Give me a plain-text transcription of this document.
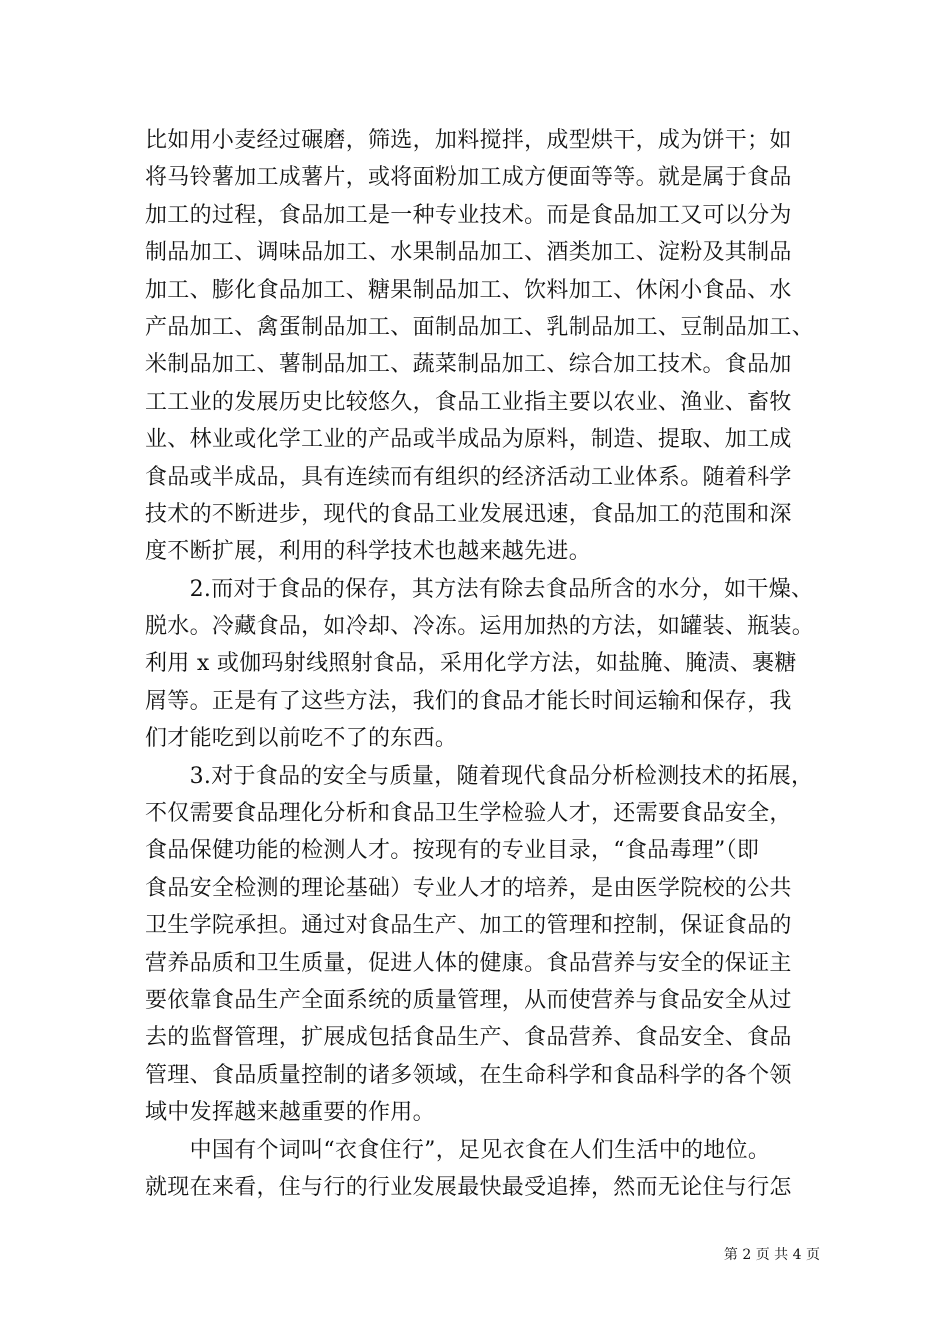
比如用小麦经过碾磨，筛选，加料搅拌，成型烘干，成为饼干；如
将马铃薯加工成薯片，或将面粉加工成方便面等等。就是属于食品
加工的过程，食品加工是一种专业技术。而是食品加工又可以分为
制品加工、调味品加工、水果制品加工、酒类加工、淀粉及其制品
加工、膨化食品加工、糖果制品加工、饮料加工、休闲小食品、水
产品加工、禽蛋制品加工、面制品加工、乳制品加工、豆制品加工、
米制品加工、薯制品加工、蔬菜制品加工、综合加工技术。食品加
工工业的发展历史比较悠久，食品工业指主要以农业、渔业、畜牧
业、林业或化学工业的产品或半成品为原料，制造、提取、加工成
食品或半成品，具有连续而有组织的经济活动工业体系。随着科学
技术的不断进步，现代的食品工业发展迅速，食品加工的范围和深
度不断扩展，利用的科学技术也越来越先进。
　　2.而对于食品的保存，其方法有除去食品所含的水分，如干燥、
脱水。冷藏食品，如冷却、冷冻。运用加热的方法，如罐装、瓶装。
利用 x 或伽玛射线照射食品，采用化学方法，如盐腌、腌渍、裹糖
屑等。正是有了这些方法，我们的食品才能长时间运输和保存，我
们才能吃到以前吃不了的东西。
　　3.对于食品的安全与质量，随着现代食品分析检测技术的拓展，
不仅需要食品理化分析和食品卫生学检验人才，还需要食品安全，
食品保健功能的检测人才。按现有的专业目录，“食品毒理”（即
食品安全检测的理论基础）专业人才的培养，是由医学院校的公共
卫生学院承担。通过对食品生产、加工的管理和控制，保证食品的
营养品质和卫生质量，促进人体的健康。食品营养与安全的保证主
要依靠食品生产全面系统的质量管理，从而使营养与食品安全从过
去的监督管理，扩展成包括食品生产、食品营养、食品安全、食品
管理、食品质量控制的诸多领域，在生命科学和食品科学的各个领
域中发挥越来越重要的作用。
　　中国有个词叫“衣食住行”，足见衣食在人们生活中的地位。
就现在来看，住与行的行业发展最快最受追捧，然而无论住与行怎
第 2 页 共 4 页
